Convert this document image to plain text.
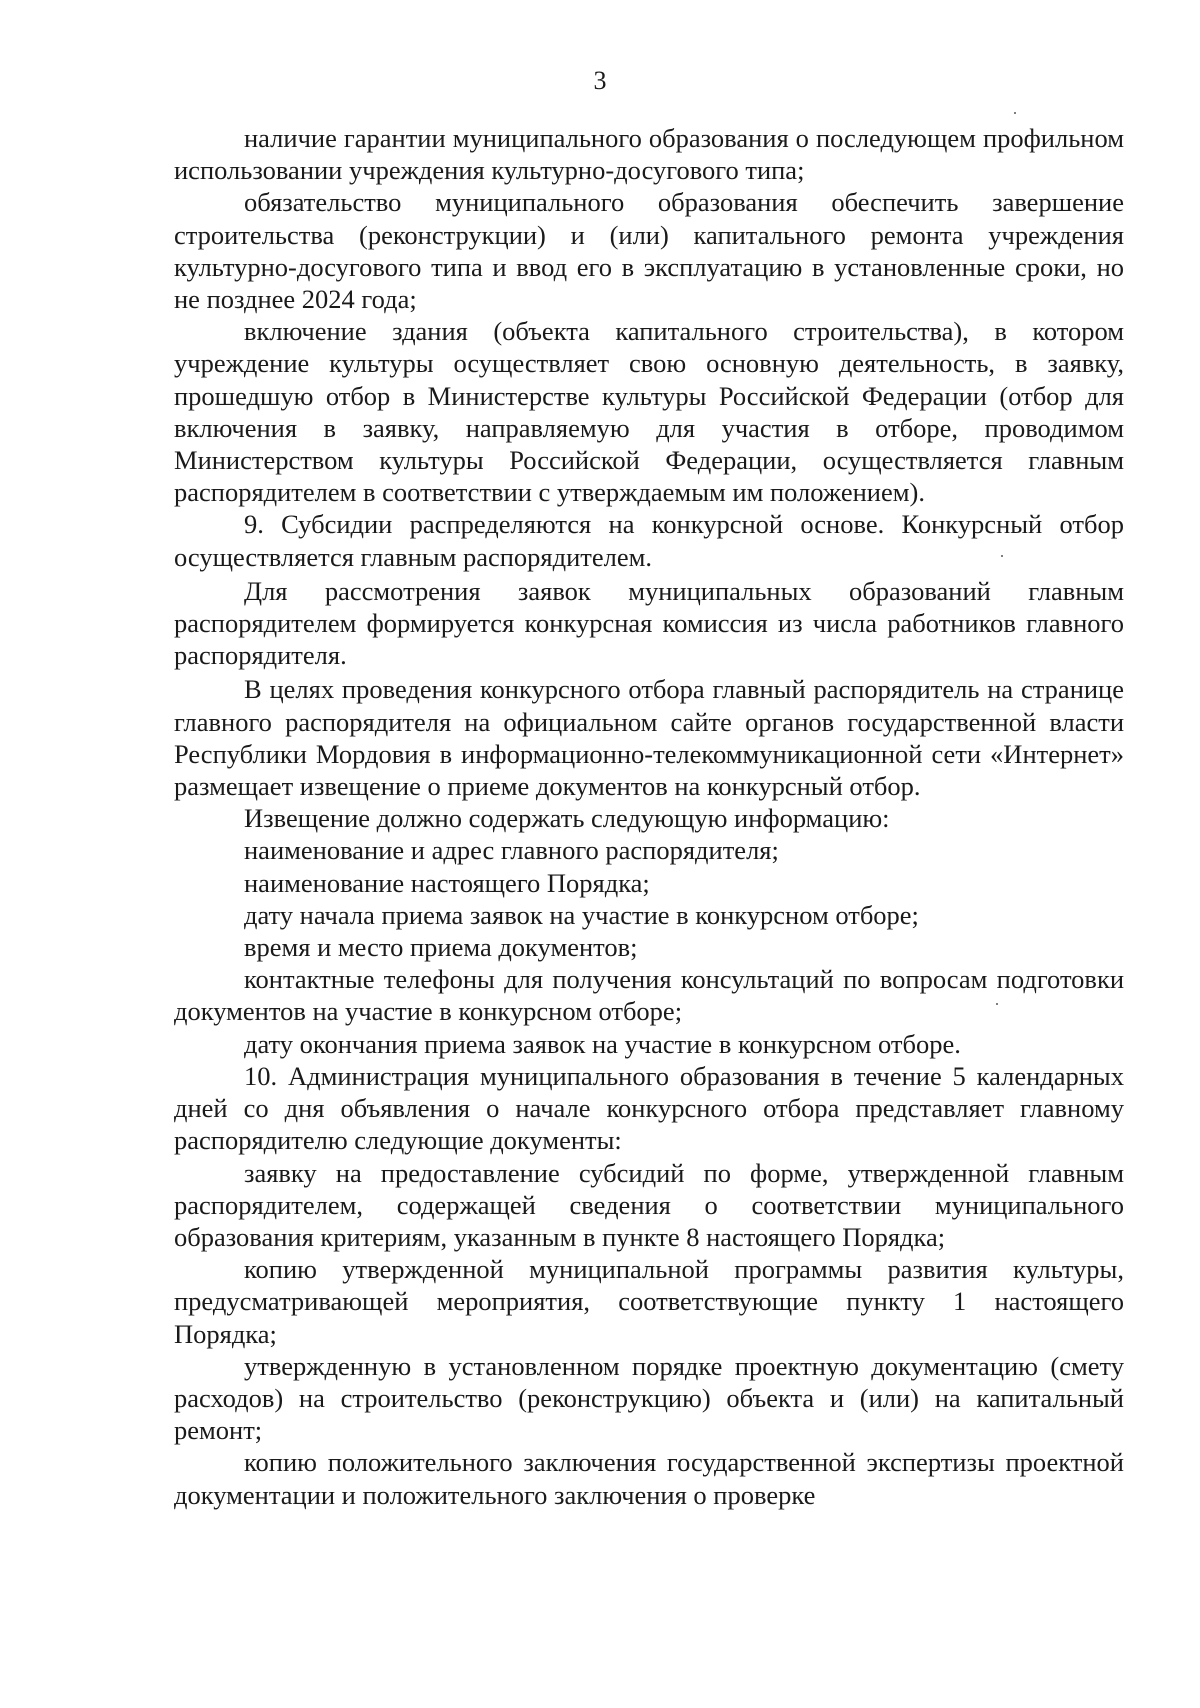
3

наличие гарантии муниципального образования о последующем профильном использовании учреждения культурно-досугового типа;

обязательство муниципального образования обеспечить завершение строительства (реконструкции) и (или) капитального ремонта учреждения культурно-досугового типа и ввод его в эксплуатацию в установленные сроки, но не позднее 2024 года;

включение здания (объекта капитального строительства), в котором учреждение культуры осуществляет свою основную деятельность, в заявку, прошедшую отбор в Министерстве культуры Российской Федерации (отбор для включения в заявку, направляемую для участия в отборе, проводимом Министерством культуры Российской Федерации, осуществляется главным распорядителем в соответствии с утверждаемым им положением).

9. Субсидии распределяются на конкурсной основе. Конкурсный отбор осуществляется главным распорядителем.

Для рассмотрения заявок муниципальных образований главным распорядителем формируется конкурсная комиссия из числа работников главного распорядителя.

В целях проведения конкурсного отбора главный распорядитель на странице главного распорядителя на официальном сайте органов государственной власти Республики Мордовия в информационно-телекоммуникационной сети «Интернет» размещает извещение о приеме документов на конкурсный отбор.

Извещение должно содержать следующую информацию:

наименование и адрес главного распорядителя;

наименование настоящего Порядка;

дату начала приема заявок на участие в конкурсном отборе;

время и место приема документов;

контактные телефоны для получения консультаций по вопросам подготовки документов на участие в конкурсном отборе;

дату окончания приема заявок на участие в конкурсном отборе.

10. Администрация муниципального образования в течение 5 календарных дней со дня объявления о начале конкурсного отбора представляет главному распорядителю следующие документы:

заявку на предоставление субсидий по форме, утвержденной главным распорядителем, содержащей сведения о соответствии муниципального образования критериям, указанным в пункте 8 настоящего Порядка;

копию утвержденной муниципальной программы развития культуры, предусматривающей мероприятия, соответствующие пункту 1 настоящего Порядка;

утвержденную в установленном порядке проектную документацию (смету расходов) на строительство (реконструкцию) объекта и (или) на капитальный ремонт;

копию положительного заключения государственной экспертизы проектной документации и положительного заключения о проверке
